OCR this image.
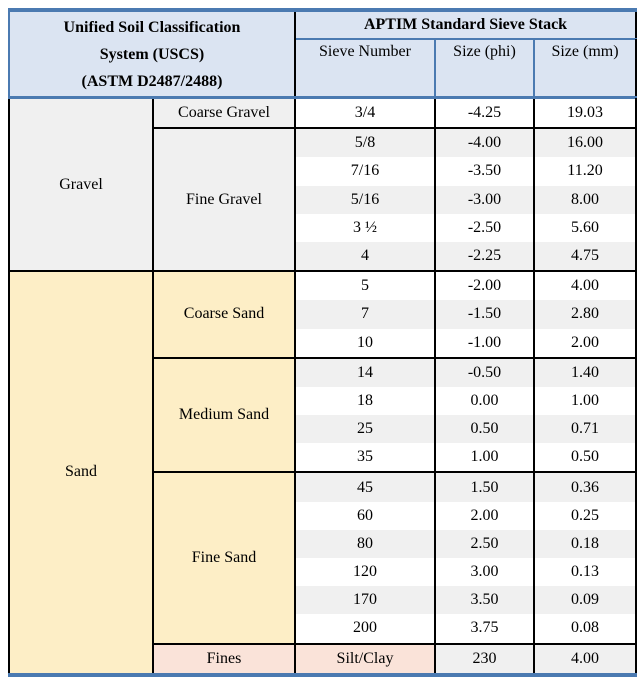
Unified Soil Classification
System (USCS)
(ASTM D2487/2488)		APTIM Standard Sieve Stack			
		Sieve Number	Size (phi)	Size (mm)	
Gravel	Coarse Gravel	3/4	-4.25	19.03	
	Fine Gravel	5/8	-4.00	16.00	
		7/16	-3.50	11.20	
		5/16	-3.00	8.00	
		3 ½	-2.50	5.60	
		4	-2.25	4.75	
Sand	Coarse Sand	5	-2.00	4.00	
		7	-1.50	2.80	
		10	-1.00	2.00	
	Medium Sand	14	-0.50	1.40	
		18	0.00	1.00	
		25	0.50	0.71	
		35	1.00	0.50	
	Fine Sand	45	1.50	0.36	
		60	2.00	0.25	
		80	2.50	0.18	
		120	3.00	0.13	
		170	3.50	0.09	
		200	3.75	0.08	
	Fines	Silt/Clay	230	4.00	
